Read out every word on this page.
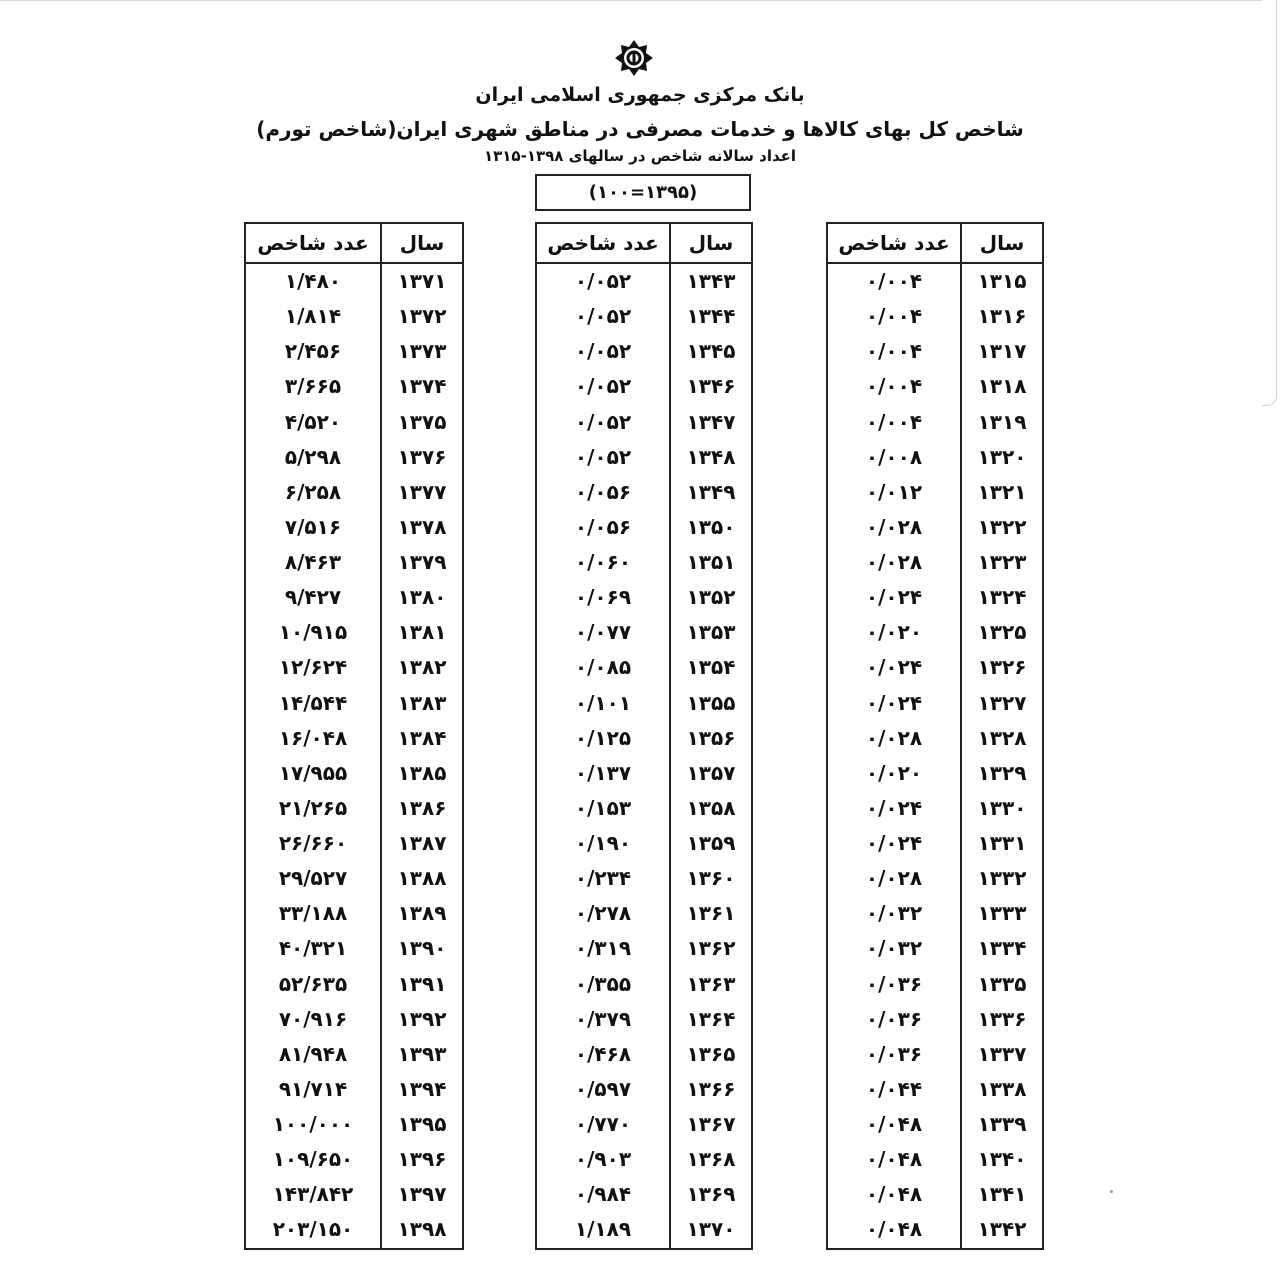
بانک مرکزی جمهوری اسلامی ایران
شاخص کل بهای کالاها و خدمات مصرفی در مناطق شهری ایران(شاخص تورم)
اعداد سالانه شاخص در سالهای ۱۳۹۸-۱۳۱۵
(۱۳۹۵=۱۰۰)
سال
عدد شاخص
۱۳۱۵
۱۳۱۶
۱۳۱۷
۱۳۱۸
۱۳۱۹
۱۳۲۰
۱۳۲۱
۱۳۲۲
۱۳۲۳
۱۳۲۴
۱۳۲۵
۱۳۲۶
۱۳۲۷
۱۳۲۸
۱۳۲۹
۱۳۳۰
۱۳۳۱
۱۳۳۲
۱۳۳۳
۱۳۳۴
۱۳۳۵
۱۳۳۶
۱۳۳۷
۱۳۳۸
۱۳۳۹
۱۳۴۰
۱۳۴۱
۱۳۴۲
۰/۰۰۴
۰/۰۰۴
۰/۰۰۴
۰/۰۰۴
۰/۰۰۴
۰/۰۰۸
۰/۰۱۲
۰/۰۲۸
۰/۰۲۸
۰/۰۲۴
۰/۰۲۰
۰/۰۲۴
۰/۰۲۴
۰/۰۲۸
۰/۰۲۰
۰/۰۲۴
۰/۰۲۴
۰/۰۲۸
۰/۰۳۲
۰/۰۳۲
۰/۰۳۶
۰/۰۳۶
۰/۰۳۶
۰/۰۴۴
۰/۰۴۸
۰/۰۴۸
۰/۰۴۸
۰/۰۴۸
سال
عدد شاخص
۱۳۴۳
۱۳۴۴
۱۳۴۵
۱۳۴۶
۱۳۴۷
۱۳۴۸
۱۳۴۹
۱۳۵۰
۱۳۵۱
۱۳۵۲
۱۳۵۳
۱۳۵۴
۱۳۵۵
۱۳۵۶
۱۳۵۷
۱۳۵۸
۱۳۵۹
۱۳۶۰
۱۳۶۱
۱۳۶۲
۱۳۶۳
۱۳۶۴
۱۳۶۵
۱۳۶۶
۱۳۶۷
۱۳۶۸
۱۳۶۹
۱۳۷۰
۰/۰۵۲
۰/۰۵۲
۰/۰۵۲
۰/۰۵۲
۰/۰۵۲
۰/۰۵۲
۰/۰۵۶
۰/۰۵۶
۰/۰۶۰
۰/۰۶۹
۰/۰۷۷
۰/۰۸۵
۰/۱۰۱
۰/۱۲۵
۰/۱۳۷
۰/۱۵۳
۰/۱۹۰
۰/۲۳۴
۰/۲۷۸
۰/۳۱۹
۰/۳۵۵
۰/۳۷۹
۰/۴۶۸
۰/۵۹۷
۰/۷۷۰
۰/۹۰۳
۰/۹۸۴
۱/۱۸۹
سال
عدد شاخص
۱۳۷۱
۱۳۷۲
۱۳۷۳
۱۳۷۴
۱۳۷۵
۱۳۷۶
۱۳۷۷
۱۳۷۸
۱۳۷۹
۱۳۸۰
۱۳۸۱
۱۳۸۲
۱۳۸۳
۱۳۸۴
۱۳۸۵
۱۳۸۶
۱۳۸۷
۱۳۸۸
۱۳۸۹
۱۳۹۰
۱۳۹۱
۱۳۹۲
۱۳۹۳
۱۳۹۴
۱۳۹۵
۱۳۹۶
۱۳۹۷
۱۳۹۸
۱/۴۸۰
۱/۸۱۴
۲/۴۵۶
۳/۶۶۵
۴/۵۲۰
۵/۲۹۸
۶/۲۵۸
۷/۵۱۶
۸/۴۶۳
۹/۴۲۷
۱۰/۹۱۵
۱۲/۶۲۴
۱۴/۵۴۴
۱۶/۰۴۸
۱۷/۹۵۵
۲۱/۲۶۵
۲۶/۶۶۰
۲۹/۵۲۷
۳۳/۱۸۸
۴۰/۳۲۱
۵۲/۶۳۵
۷۰/۹۱۶
۸۱/۹۴۸
۹۱/۷۱۴
۱۰۰/۰۰۰
۱۰۹/۶۵۰
۱۴۳/۸۴۲
۲۰۳/۱۵۰
